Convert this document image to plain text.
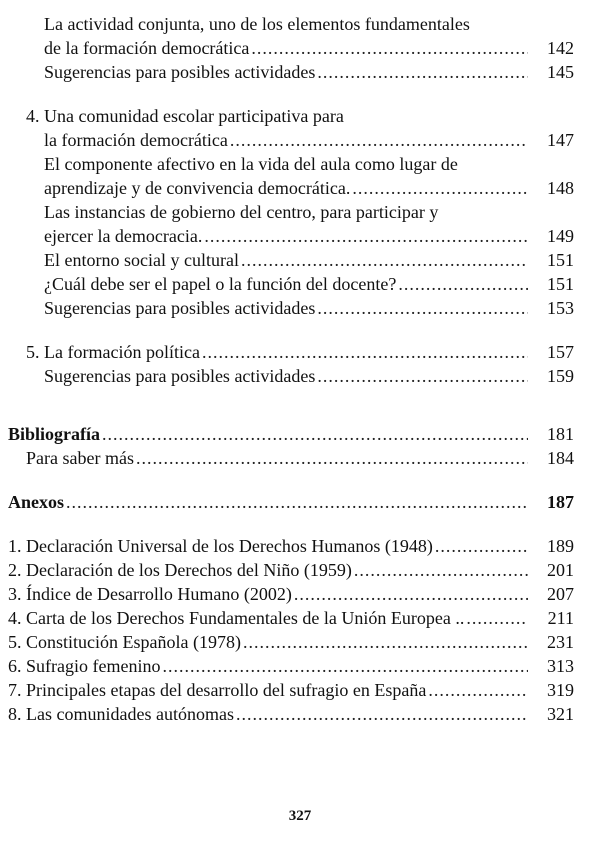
La actividad conjunta, uno de los elementos fundamentales
de la formación democrática .....	142
Sugerencias para posibles actividades .....	145
4. Una comunidad escolar participativa para
la formación democrática .....	147
El componente afectivo en la vida del aula como lugar de
aprendizaje y de convivencia democrática. .....	148
Las instancias de gobierno del centro, para participar y
ejercer la democracia. .....	149
El entorno social y cultural .....	151
¿Cuál debe ser el papel o la función del docente? .....	151
Sugerencias para posibles actividades .....	153
5. La formación política .....	157
Sugerencias para posibles actividades .....	159
Bibliografía .....	181
Para saber más .....	184
Anexos .....	187
1. Declaración Universal de los Derechos Humanos (1948) .....	189
2. Declaración de los Derechos del Niño (1959) .....	201
3. Índice de Desarrollo Humano (2002) .....	207
4. Carta de los Derechos Fundamentales de la Unión Europea .. .....	211
5. Constitución Española (1978) .....	231
6. Sufragio femenino .....	313
7. Principales etapas del desarrollo del sufragio en España .....	319
8. Las comunidades autónomas .....	321
327
